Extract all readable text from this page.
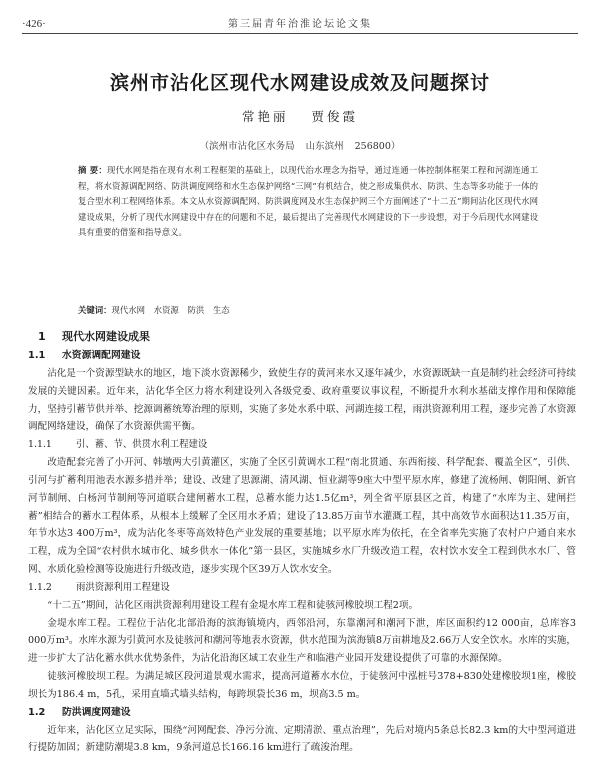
·426·	第三届青年治淮论坛论文集
滨州市沾化区现代水网建设成效及问题探讨
常艳丽 贾俊霞
（滨州市沾化区水务局 山东滨州 256800）
摘 要：现代水网是指在现有水利工程框架的基础上，以现代治水理念为指导，通过连通一体控制体框架工程和河湖连通工程，将水资源调配网络、防洪调度网络和水生态保护网络“三网”有机结合，使之形成集供水、防洪、生态等多功能于一体的复合型水利工程网络体系。本文从水资源调配网、防洪调度网及水生态保护网三个方面阐述了“十二五”期间沾化区现代水网建设成果，分析了现代水网建设中存在的问题和不足，最后提出了完善现代水网建设的下一步设想，对于今后现代水网建设具有重要的借鉴和指导意义。
关键词：现代水网 水资源 防洪 生态
1 现代水网建设成果
1.1 水资源调配网建设

沾化是一个资源型缺水的地区，地下淡水资源稀少，致使生存的黄河来水又逐年减少，水资源既缺一直是制约社会经济可持续发展的关键因素。近年来，沾化华全区力将水利建设列入各级党委、政府重要议事议程，不断提升水利水基础支撑作用和保障能力，坚持引蓄节供并举、挖源调蓄统筹治理的原则，实施了多处水系中联、河湖连接工程，雨洪资源利用工程，逐步完善了水资源调配网络建设，确保了水资源供需平衡。

1.1.1	引、蓄、节、供贯水利工程建设

改造配套完善了小开河、韩墩两大引黄灌区，实施了全区引黄调水工程“南北贯通、东西衔接、科学配套、覆盖全区”，引供、引河与扩蓄利用池表水源多措并举；建设、改建了思源湖、清风湖、恒业湖等9座大中型平原水库，修建了流杨闸、朝阳闸、新官河节制闸、白杨河节制闸等河道联合建闸蓄水工程，总蓄水能力达1.5亿m³，列全省平原县区之首，构建了“水库为主、建闸拦蓄”相结合的蓄水工程体系，从根本上缓解了全区用水矛盾；建设了13.85万亩节水灌溉工程，其中高效节水面积达11.35万亩，年节水达3 400万m³，成为沾化冬枣等高效特色产业发展的重要基地；以平原水库为依托，在全省率先实施了农村户户通自来水工程，成为全国“农村供水城市化、城乡供水一体化”第一县区，实施城乡水厂升级改造工程，农村饮水安全工程到供水水厂、管网、水质化验检测等设施进行升级改造，逐步实现个区39万人饮水安全。

1.1.2	雨洪资源利用工程建设

“十二五”期间，沾化区雨洪资源利用建设工程有金堤水库工程和徒骇河橡胶坝工程2项。

金堤水库工程。工程位于沾化北部沿海的滨海镇境内，西邻沿河，东靠潮河和潮河下泄，库区面积约12 000亩，总库容3 000万m³。水库水源为引黄河水及徒骇河和潮河等地表水资源，供水范围为滨海镇8万亩耕地及2.66万人安全饮水。水库的实施，进一步扩大了沾化蓄水供水优势条件，为沾化沿海区域工农业生产和临港产业园开发建设提供了可靠的水源保障。

徒骇河橡胶坝工程。为满足城区段河道景观水需求，提高河道蓄水水位，于徒骇河中泓桩号378+830处建橡胶坝1座，橡胶坝长为186.4 m，5孔，采用直墙式墙头结构，每跨坝袋长36 m，坝高3.5 m。

1.2 防洪调度网建设

近年来，沾化区立足实际，围绕“河网配套、净污分流、定期清淤、重点治理”，先后对境内5条总长82.3 km的大中型河道进行提防加固；新建防潮堤3.8 km，9条河道总长166.16 km进行了疏浚治理。
